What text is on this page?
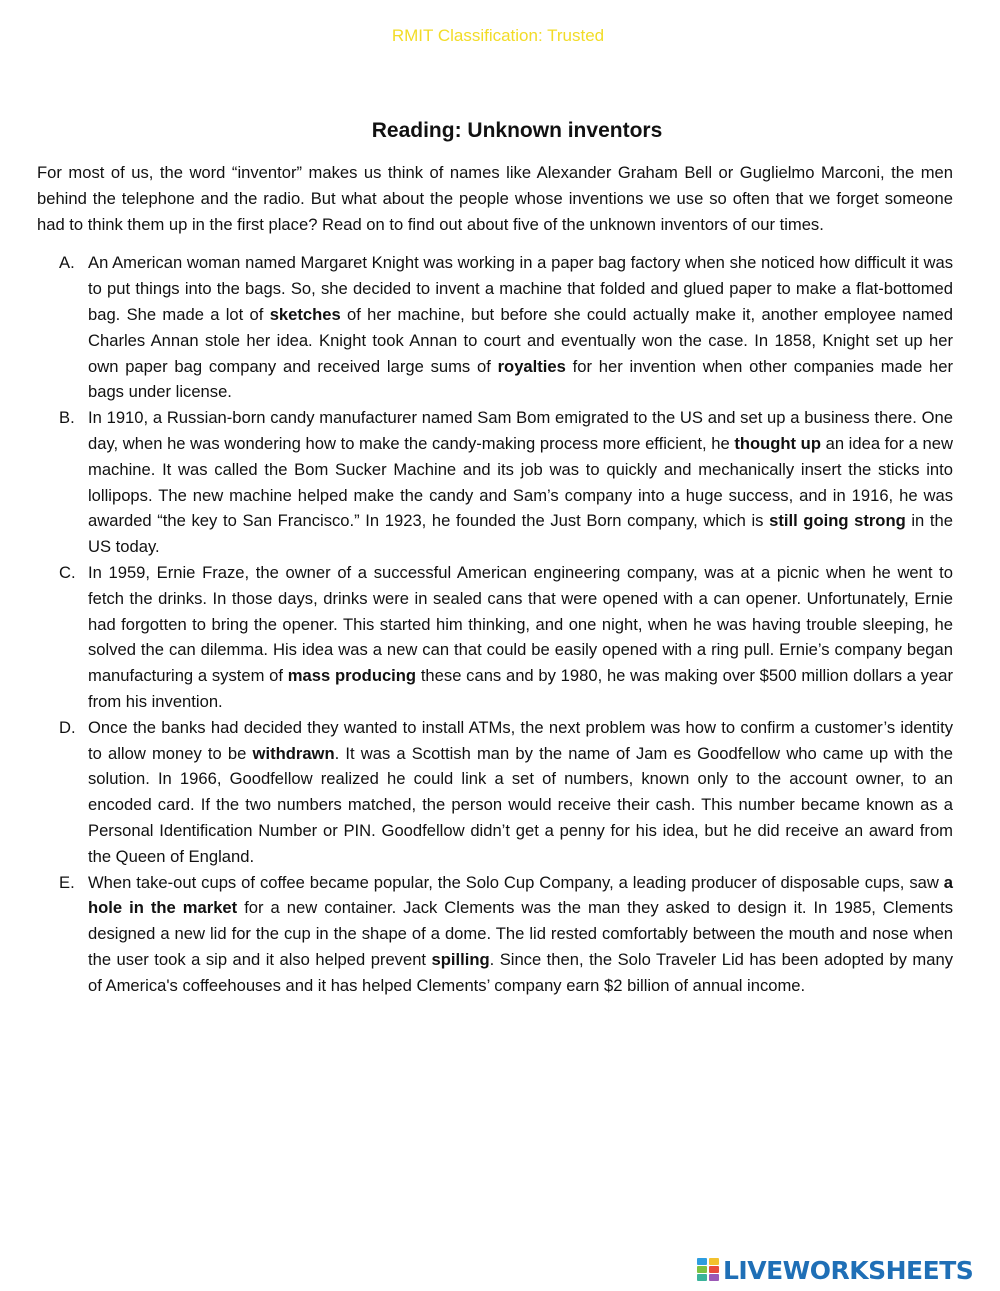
RMIT Classification: Trusted
Reading: Unknown inventors

For most of us, the word “inventor” makes us think of names like Alexander Graham Bell or Guglielmo Marconi, the men behind the telephone and the radio. But what about the people whose inventions we use so often that we forget someone had to think them up in the first place? Read on to find out about five of the unknown inventors of our times.

A. An American woman named Margaret Knight was working in a paper bag factory when she noticed how difficult it was to put things into the bags. So, she decided to invent a machine that folded and glued paper to make a flat-bottomed bag. She made a lot of sketches of her machine, but before she could actually make it, another employee named Charles Annan stole her idea. Knight took Annan to court and eventually won the case. In 1858, Knight set up her own paper bag company and received large sums of royalties for her invention when other companies made her bags under license.
B. In 1910, a Russian-born candy manufacturer named Sam Bom emigrated to the US and set up a business there. One day, when he was wondering how to make the candy-making process more efficient, he thought up an idea for a new machine. It was called the Bom Sucker Machine and its job was to quickly and mechanically insert the sticks into lollipops. The new machine helped make the candy and Sam’s company into a huge success, and in 1916, he was awarded “the key to San Francisco.” In 1923, he founded the Just Born company, which is still going strong in the US today.
C. In 1959, Ernie Fraze, the owner of a successful American engineering company, was at a picnic when he went to fetch the drinks. In those days, drinks were in sealed cans that were opened with a can opener. Unfortunately, Ernie had forgotten to bring the opener. This started him thinking, and one night, when he was having trouble sleeping, he solved the can dilemma. His idea was a new can that could be easily opened with a ring pull. Ernie’s company began manufacturing a system of mass producing these cans and by 1980, he was making over $500 million dollars a year from his invention.
D. Once the banks had decided they wanted to install ATMs, the next problem was how to confirm a customer’s identity to allow money to be withdrawn. It was a Scottish man by the name of Jam es Goodfellow who came up with the solution. In 1966, Goodfellow realized he could link a set of numbers, known only to the account owner, to an encoded card. If the two numbers matched, the person would receive their cash. This number became known as a Personal Identification Number or PIN. Goodfellow didn’t get a penny for his idea, but he did receive an award from the Queen of England.
E. When take-out cups of coffee became popular, the Solo Cup Company, a leading producer of disposable cups, saw a hole in the market for a new container. Jack Clements was the man they asked to design it. In 1985, Clements designed a new lid for the cup in the shape of a dome. The lid rested comfortably between the mouth and nose when the user took a sip and it also helped prevent spilling. Since then, the Solo Traveler Lid has been adopted by many of America's coffeehouses and it has helped Clements’ company earn $2 billion of annual income.
LIVEWORKSHEETS
